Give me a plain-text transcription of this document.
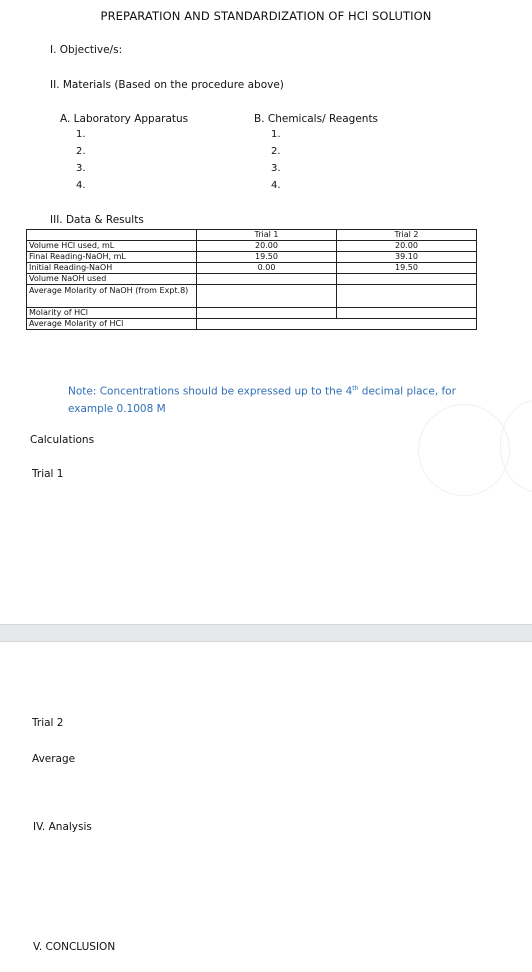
PREPARATION AND STANDARDIZATION OF HCl SOLUTION
I. Objective/s:
II. Materials (Based on the procedure above)
A. Laboratory Apparatus
1.
2.
3.
4.
B. Chemicals/ Reagents
1.
2.
3.
4.
III. Data & Results
	Trial 1	Trial 2
Volume HCl used, mL	20.00	20.00
Final Reading-NaOH, mL	19.50	39.10
Initial Reading-NaOH	0.00	19.50
Volume NaOH used		
Average Molarity of NaOH (from Expt.8)		
Molarity of HCl		
Average Molarity of HCl		
Note: Concentrations should be expressed up to the 4th decimal place, for
example 0.1008 M
Calculations
Trial 1
Trial 2
Average
IV. Analysis
V. CONCLUSION
